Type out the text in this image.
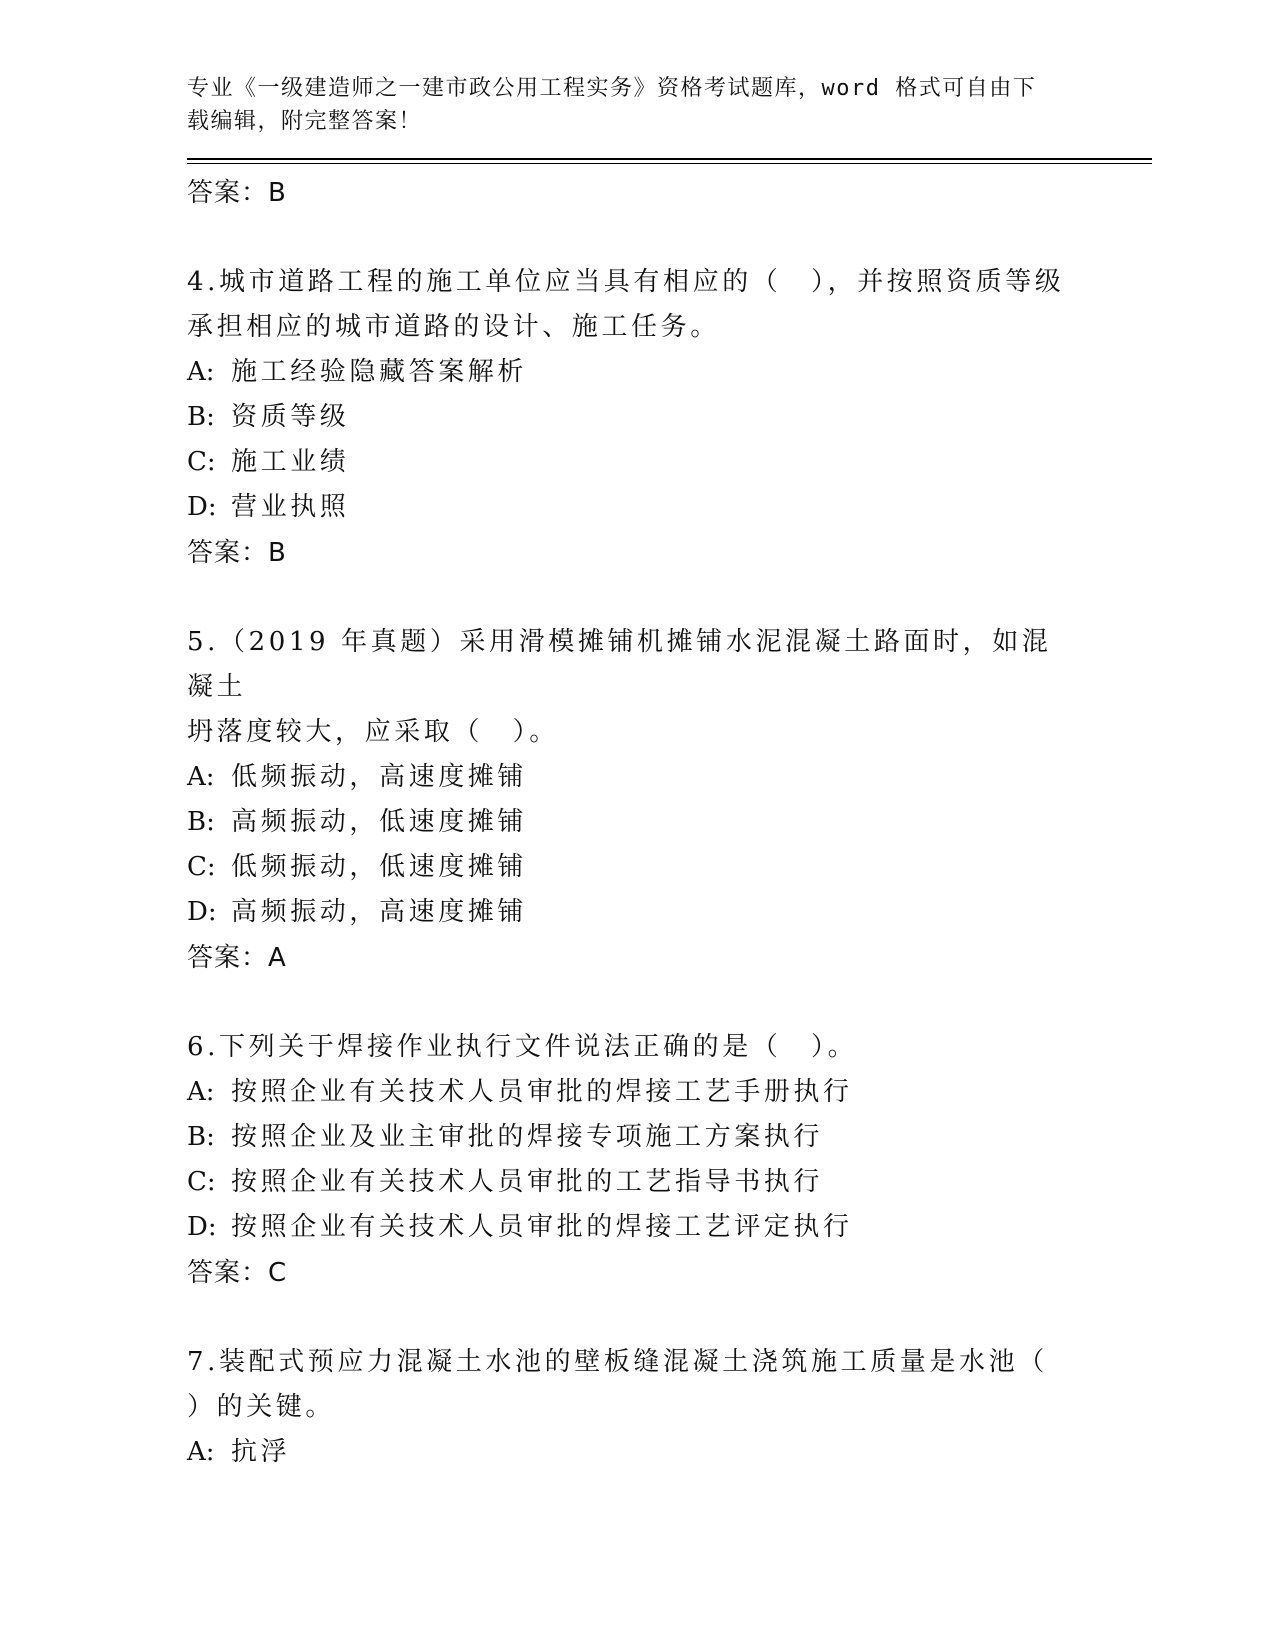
专业《一级建造师之一建市政公用工程实务》资格考试题库，word 格式可自由下
载编辑，附完整答案！
答案：B
4.城市道路工程的施工单位应当具有相应的（　），并按照资质等级
承担相应的城市道路的设计、施工任务。
A: 施工经验隐藏答案解析
B: 资质等级
C: 施工业绩
D: 营业执照
答案：B
5.（2019 年真题）采用滑模摊铺机摊铺水泥混凝土路面时，如混凝土
坍落度较大，应采取（　）。
A: 低频振动，高速度摊铺
B: 高频振动，低速度摊铺
C: 低频振动，低速度摊铺
D: 高频振动，高速度摊铺
答案：A
6.下列关于焊接作业执行文件说法正确的是（　）。
A: 按照企业有关技术人员审批的焊接工艺手册执行
B: 按照企业及业主审批的焊接专项施工方案执行
C: 按照企业有关技术人员审批的工艺指导书执行
D: 按照企业有关技术人员审批的焊接工艺评定执行
答案：C
7.装配式预应力混凝土水池的壁板缝混凝土浇筑施工质量是水池（
）的关键。
A: 抗浮
